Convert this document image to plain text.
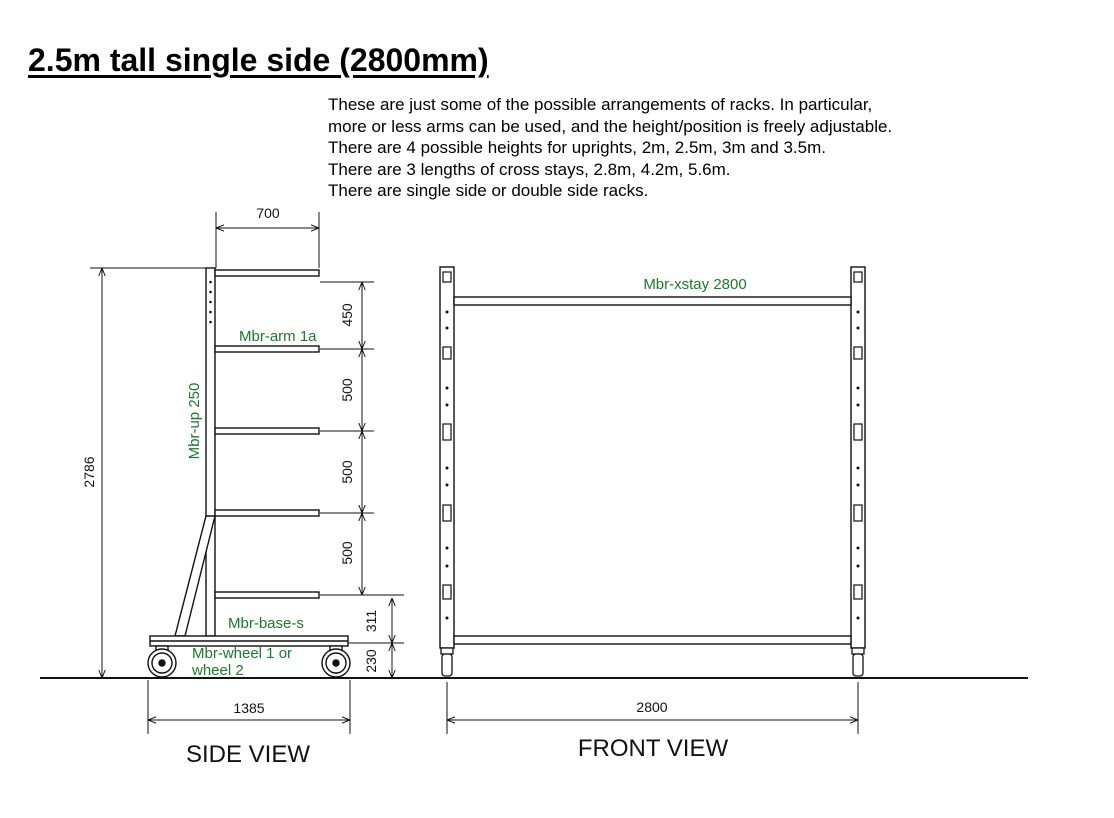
2.5m tall single side (2800mm)
These are just some of the possible arrangements of racks. In particular,
more or less arms can be used, and the height/position is freely adjustable.
There are 4 possible heights for uprights, 2m, 2.5m, 3m and 3.5m.
There are 3 lengths of cross stays, 2.8m, 4.2m, 5.6m.
There are single side or double side racks.
700
2786
450
500
500
500
311
230
1385
Mbr-arm 1a
Mbr-up 250
Mbr-base-s
Mbr-wheel 1 or
wheel 2
SIDE VIEW
2800
Mbr-xstay 2800
FRONT VIEW
